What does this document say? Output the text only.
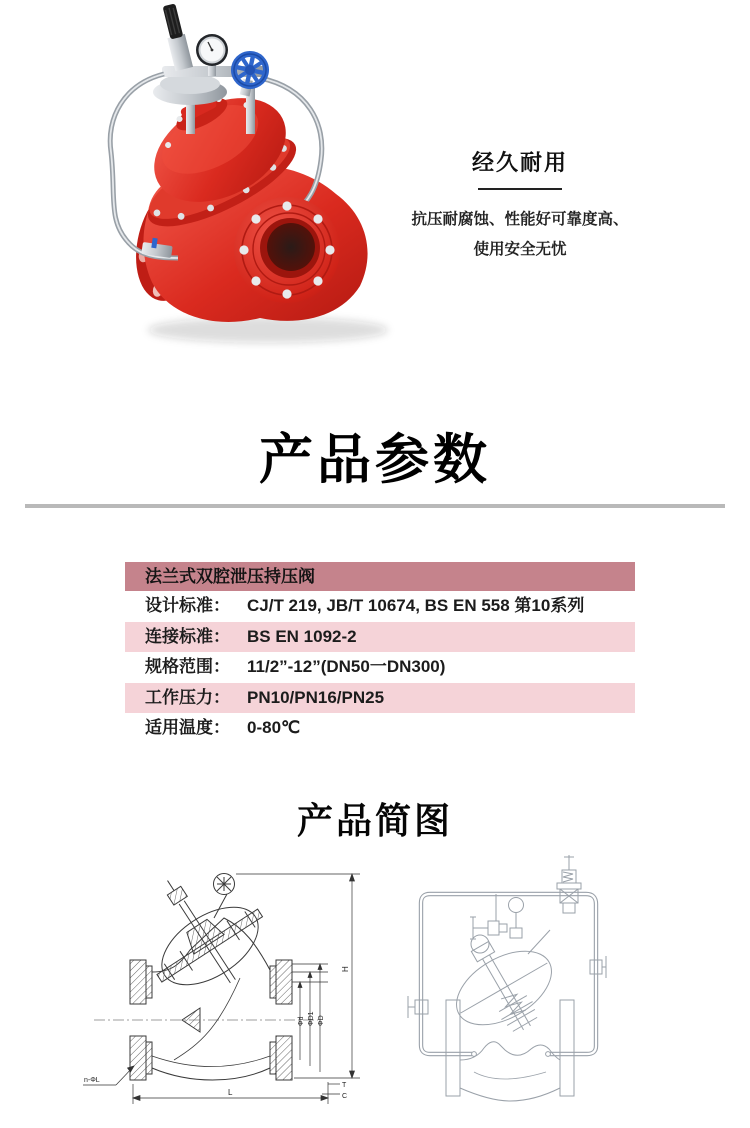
经久耐用
抗压耐腐蚀、性能好可靠度高、
使用安全无忧
产品参数
法兰式双腔泄压持压阀
设计标准：	CJ/T 219, JB/T 10674, BS EN 558 第10系列
连接标准：	BS EN 1092-2
规格范围：	11/2”-12”(DN50一DN300)
工作压力：	PN10/PN16/PN25
适用温度：	0-80℃
产品简图
H
Φd ΦD1 ΦD
L
T
C
n-ΦL
